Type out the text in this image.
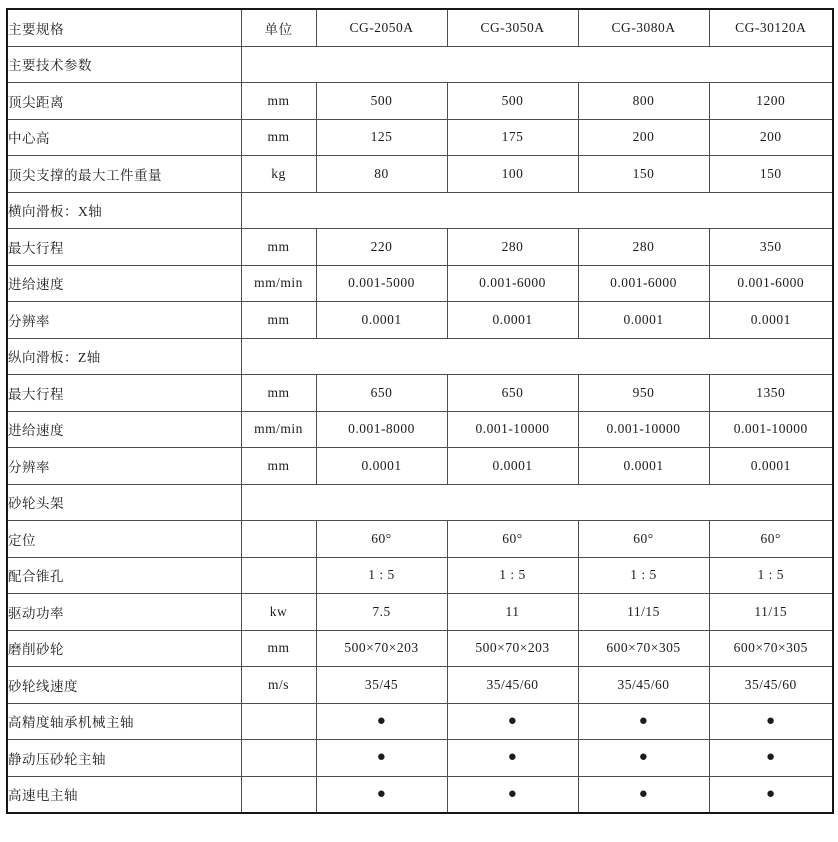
主要规格	单位	CG-2050A	CG-3050A	CG-3080A	CG-30120A
主要技术参数					
顶尖距离	mm	500	500	800	1200
中心高	mm	125	175	200	200
顶尖支撑的最大工件重量	kg	80	100	150	150
横向滑板：X轴					
最大行程	mm	220	280	280	350
进给速度	mm/min	0.001-5000	0.001-6000	0.001-6000	0.001-6000
分辨率	mm	0.0001	0.0001	0.0001	0.0001
纵向滑板：Z轴					
最大行程	mm	650	650	950	1350
进给速度	mm/min	0.001-8000	0.001-10000	0.001-10000	0.001-10000
分辨率	mm	0.0001	0.0001	0.0001	0.0001
砂轮头架					
定位		60°	60°	60°	60°
配合锥孔		1 : 5	1 : 5	1 : 5	1 : 5
驱动功率	kw	7.5	11	11/15	11/15
磨削砂轮	mm	500×70×203	500×70×203	600×70×305	600×70×305
砂轮线速度	m/s	35/45	35/45/60	35/45/60	35/45/60
高精度轴承机械主轴		●	●	●	●
静动压砂轮主轴		●	●	●	●
高速电主轴		●	●	●	●
